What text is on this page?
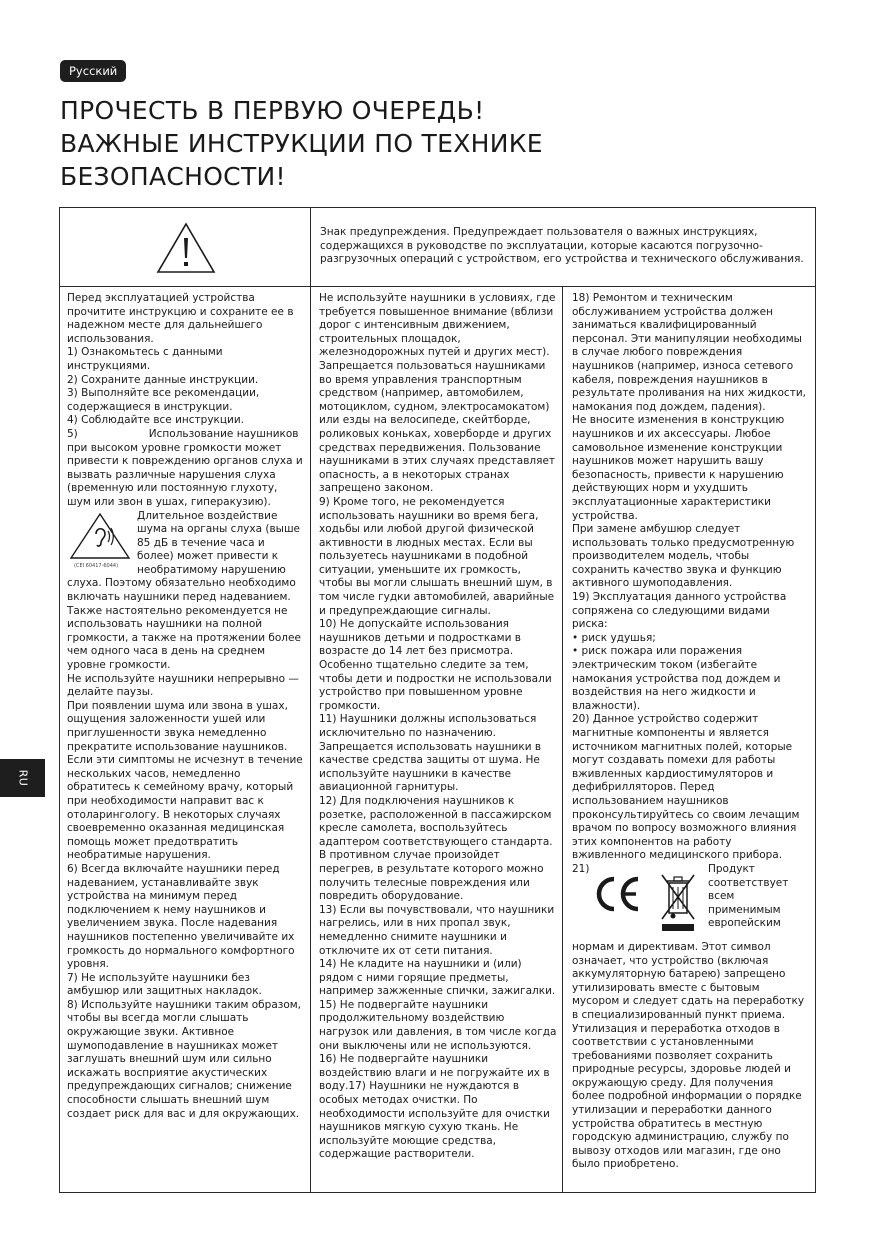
Русский
ПРОЧЕСТЬ В ПЕРВУЮ ОЧЕРЕДЬ!
ВАЖНЫЕ ИНСТРУКЦИИ ПО ТЕХНИКЕ
БЕЗОПАСНОСТИ!
RU
Знак предупреждения. Предупреждает пользователя о важных инструкциях, содержащихся в руководстве по эксплуатации, которые касаются погрузочно-разгрузочных операций с устройством, его устройства и технического обслуживания.

Перед эксплуатацией устройства прочитите инструкцию и сохраните ее в надежном месте для дальнейшего использования.

1) Ознакомьтесь с данными инструкциями.

2) Сохраните данные инструкции.

3) Выполняйте все рекомендации, содержащиеся в инструкции.

4) Соблюдайте все инструкции.

5)	Использование наушников при высоком уровне громкости может привести к повреждению органов слуха и вызвать различные нарушения слуха (временную или постоянную глухоту, шум или звон в ушах, гиперакузию).

(CEI 60417-6044)
Длительное воздействие шума на органы слуха (выше 85 дБ в течение часа и более) может привести к необратимому нарушению

слуха. Поэтому обязательно необходимо включать наушники перед надеванием. Также настоятельно рекомендуется не использовать наушники на полной громкости, а также на протяжении более чем одного часа в день на среднем уровне громкости.

Не используйте наушники непрерывно — делайте паузы.

При появлении шума или звона в ушах, ощущения заложенности ушей или приглушенности звука немедленно прекратите использование наушников. Если эти симптомы не исчезнут в течение нескольких часов, немедленно обратитесь к семейному врачу, который при необходимости направит вас к отоларингологу. В некоторых случаях своевременно оказанная медицинская помощь может предотвратить необратимые нарушения.

6) Всегда включайте наушники перед надеванием, устанавливайте звук устройства на минимум перед подключением к нему наушников и увеличением звука. После надевания наушников постепенно увеличивайте их громкость до нормального комфортного уровня.

7) Не используйте наушники без амбушюр или защитных накладок.

8) Используйте наушники таким образом, чтобы вы всегда могли слышать окружающие звуки. Активное шумоподавление в наушниках может заглушать внешний шум или сильно искажать восприятие акустических предупреждающих сигналов; снижение способности слышать внешний шум создает риск для вас и для окружающих.

Не используйте наушники в условиях, где требуется повышенное внимание (вблизи дорог с интенсивным движением, строительных площадок, железнодорожных путей и других мест). Запрещается пользоваться наушниками во время управления транспортным средством (например, автомобилем, мотоциклом, судном, электросамокатом) или езды на велосипеде, скейтборде, роликовых коньках, ховерборде и других средствах передвижения. Пользование наушниками в этих случаях представляет опасность, а в некоторых странах запрещено законом.

9) Кроме того, не рекомендуется использовать наушники во время бега, ходьбы или любой другой физической активности в людных местах. Если вы пользуетесь наушниками в подобной ситуации, уменьшите их громкость, чтобы вы могли слышать внешний шум, в том числе гудки автомобилей, аварийные и предупреждающие сигналы.

10) Не допускайте использования наушников детьми и подростками в возрасте до 14 лет без присмотра. Особенно тщательно следите за тем, чтобы дети и подростки не использовали устройство при повышенном уровне громкости.

11) Наушники должны использоваться исключительно по назначению. Запрещается использовать наушники в качестве средства защиты от шума. Не используйте наушники в качестве авиационной гарнитуры.

12) Для подключения наушников к розетке, расположенной в пассажирском кресле самолета, воспользуйтесь адаптером соответствующего стандарта. В противном случае произойдет перегрев, в результате которого можно получить телесные повреждения или повредить оборудование.

13) Если вы почувствовали, что наушники нагрелись, или в них пропал звук, немедленно снимите наушники и отключите их от сети питания.

14) Не кладите на наушники и (или) рядом с ними горящие предметы, например зажженные спички, зажигалки.

15) Не подвергайте наушники продолжительному воздействию нагрузок или давления, в том числе когда они выключены или не используются.

16) Не подвергайте наушники воздействию влаги и не погружайте их в воду.17) Наушники не нуждаются в особых методах очистки. По необходимости используйте для очистки наушников мягкую сухую ткань. Не используйте моющие средства, содержащие растворители.

18) Ремонтом и техническим обслуживанием устройства должен заниматься квалифицированный персонал. Эти манипуляции необходимы в случае любого повреждения наушников (например, износа сетевого кабеля, повреждения наушников в результате проливания на них жидкости, намокания под дождем, падения).

Не вносите изменения в конструкцию наушников и их аксессуары. Любое самовольное изменение конструкции наушников может нарушить вашу безопасность, привести к нарушению действующих норм и ухудшить эксплуатационные характеристики устройства.

При замене амбушюр следует использовать только предусмотренную производителем модель, чтобы сохранить качество звука и функцию активного шумоподавления.

19) Эксплуатация данного устройства сопряжена со следующими видами риска:

• риск удушья;

• риск пожара или поражения электрическим током (избегайте намокания устройства под дождем и воздействия на него жидкости и влажности).

20) Данное устройство содержит магнитные компоненты и является источником магнитных полей, которые могут создавать помехи для работы вживленных кардиостимуляторов и дефибрилляторов. Перед использованием наушников проконсультируйтесь со своим лечащим врачом по вопросу возможного влияния этих компонентов на работу вживленного медицинского прибора.

21)	Продукт соответствует всем применимым европейским

нормам и директивам. Этот символ означает, что устройство (включая аккумуляторную батарею) запрещено утилизировать вместе с бытовым мусором и следует сдать на переработку в специализированный пункт приема. Утилизация и переработка отходов в соответствии с установленными требованиями позволяет сохранить природные ресурсы, здоровье людей и окружающую среду. Для получения более подробной информации о порядке утилизации и переработки данного устройства обратитесь в местную городскую администрацию, службу по вывозу отходов или магазин, где оно было приобретено.
